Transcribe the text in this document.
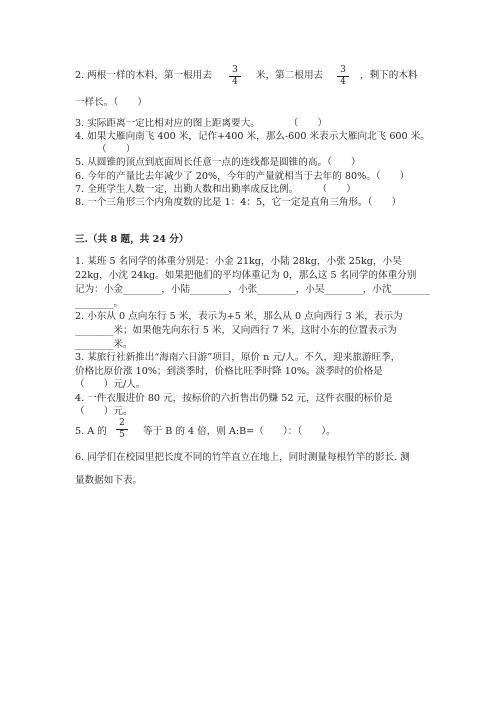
2. 两根一样的木料，第一根用去	3
4
米，第二根用去	3
4
，剩下的木料
一样长。（　　）
3. 实际距离一定比相对应的图上距离要大。　　　　（　　）
4. 如果大雁向南飞 400 米，记作+400 米，那么-600 米表示大雁向北飞 600 米。
（　　）
5. 从圆锥的顶点到底面周长任意一点的连线都是圆锥的高。（　　）
6. 今年的产量比去年减少了 20%，今年的产量就相当于去年的 80%。（　　）
7. 全班学生人数一定，出勤人数和出勤率成反比例。　　　（　　）
8. 一个三角形三个内角度数的比是 1：4：5，它一定是直角三角形。（　　）
三.（共 8 题，共 24 分）
1. 某班 5 名同学的体重分别是：小金 21kg，小陆 28kg，小张 25kg，小吴
22kg，小沈 24kg。如果把他们的平均体重记为 0，那么这 5 名同学的体重分别
记为：小金________，小陆________，小张________，小吴________，小沈________
________。
2. 小东从 0 点向东行 5 米，表示为+5 米，那么从 0 点向西行 3 米，表示为
________米；如果他先向东行 5 米，又向西行 7 米，这时小东的位置表示为
________米。
3. 某旅行社新推出“海南六日游”项目，原价 n 元/人。不久，迎来旅游旺季，
价格比原价涨 10%；到淡季时，价格比旺季时降 10%。淡季时的价格是
（　　）元/人。
4. 一件衣服进价 80 元，按标价的六折售出仍赚 52 元，这件衣服的标价是
（　　）元。
5. A 的
2
5	等于 B 的 4 倍，则 A:B=（　　）：（　　）。
6. 同学们在校园里把长度不同的竹竿直立在地上，同时测量每根竹竿的影长. 测
量数据如下表。
